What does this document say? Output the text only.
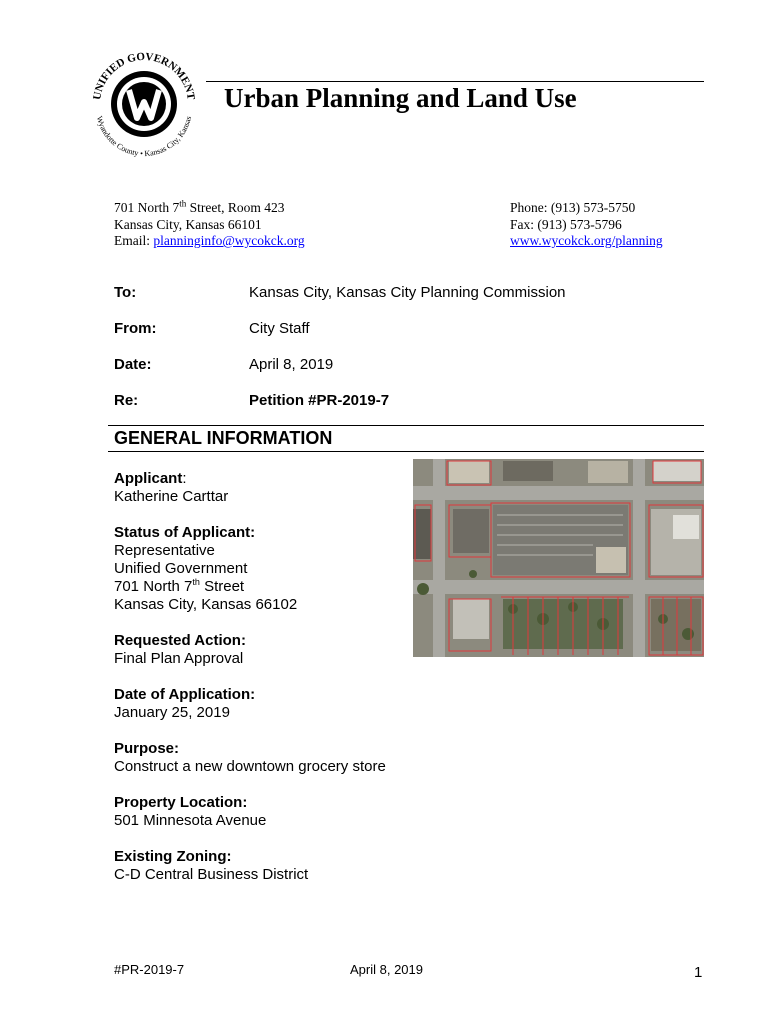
UNIFIED GOVERNMENT
Wyandotte County • Kansas City, Kansas
Urban Planning and Land Use
701 North 7th Street, Room 423
Kansas City, Kansas 66101
Email: planninginfo@wycokck.org
Phone: (913) 573-5750
Fax: (913) 573-5796
www.wycokck.org/planning
To:	Kansas City, Kansas City Planning Commission
From:	City Staff
Date:	April 8, 2019
Re:	Petition #PR-2019-7
GENERAL INFORMATION
Applicant:
Katherine Carttar
Status of Applicant:
Representative
Unified Government
701 North 7th Street
Kansas City, Kansas 66102
Requested Action:
Final Plan Approval
Date of Application:
January 25, 2019
Purpose:
Construct a new downtown grocery store
Property Location:
501 Minnesota Avenue
Existing Zoning:
C-D Central Business District
#PR-2019-7	April 8, 2019	1
